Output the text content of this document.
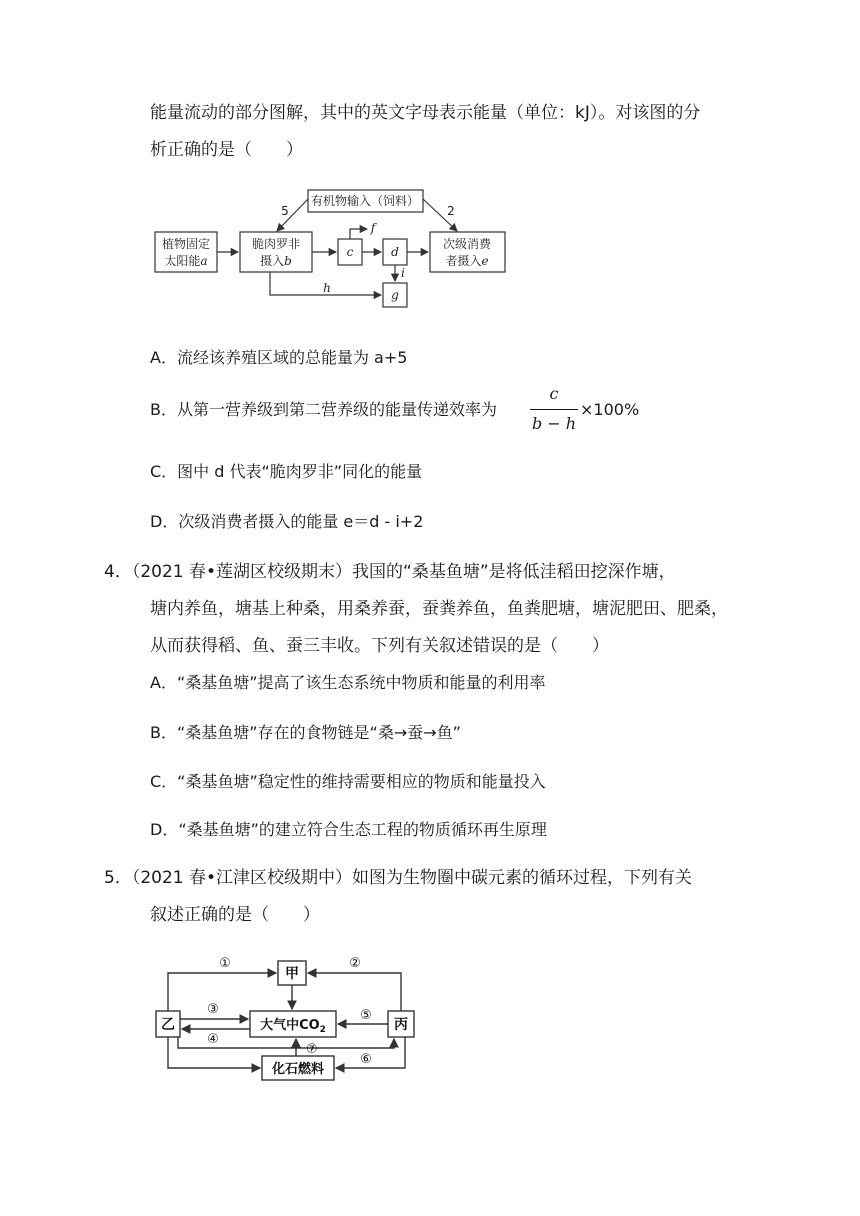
能量流动的部分图解，其中的英文字母表示能量（单位：kJ）。对该图的分
析正确的是（　　）
有机物输入（饲料）
5	2
植物固定
太阳能a
脆肉罗非
摄入b
c	d
f
i
h	g
次级消费
者摄入e
A．流经该养殖区域的总能量为 a+5
B．从第一营养级到第二营养级的能量传递效率为
c
b − h
×100%
C．图中 d 代表“脆肉罗非”同化的能量
D．次级消费者摄入的能量 e＝d - i+2
4．（2021 春•莲湖区校级期末）我国的“桑基鱼塘”是将低洼稻田挖深作塘，
塘内养鱼，塘基上种桑，用桑养蚕，蚕粪养鱼，鱼粪肥塘，塘泥肥田、肥桑，
从而获得稻、鱼、蚕三丰收。下列有关叙述错误的是（　　）
A．“桑基鱼塘”提高了该生态系统中物质和能量的利用率
B．“桑基鱼塘”存在的食物链是“桑→蚕→鱼”
C．“桑基鱼塘”稳定性的维持需要相应的物质和能量投入
D．“桑基鱼塘”的建立符合生态工程的物质循环再生原理
5．（2021 春•江津区校级期中）如图为生物圈中碳元素的循环过程，下列有关
叙述正确的是（　　）
甲
乙	丙
大气中$CO_2$
化石燃料
①	②
③
④
⑤
⑥
⑦
